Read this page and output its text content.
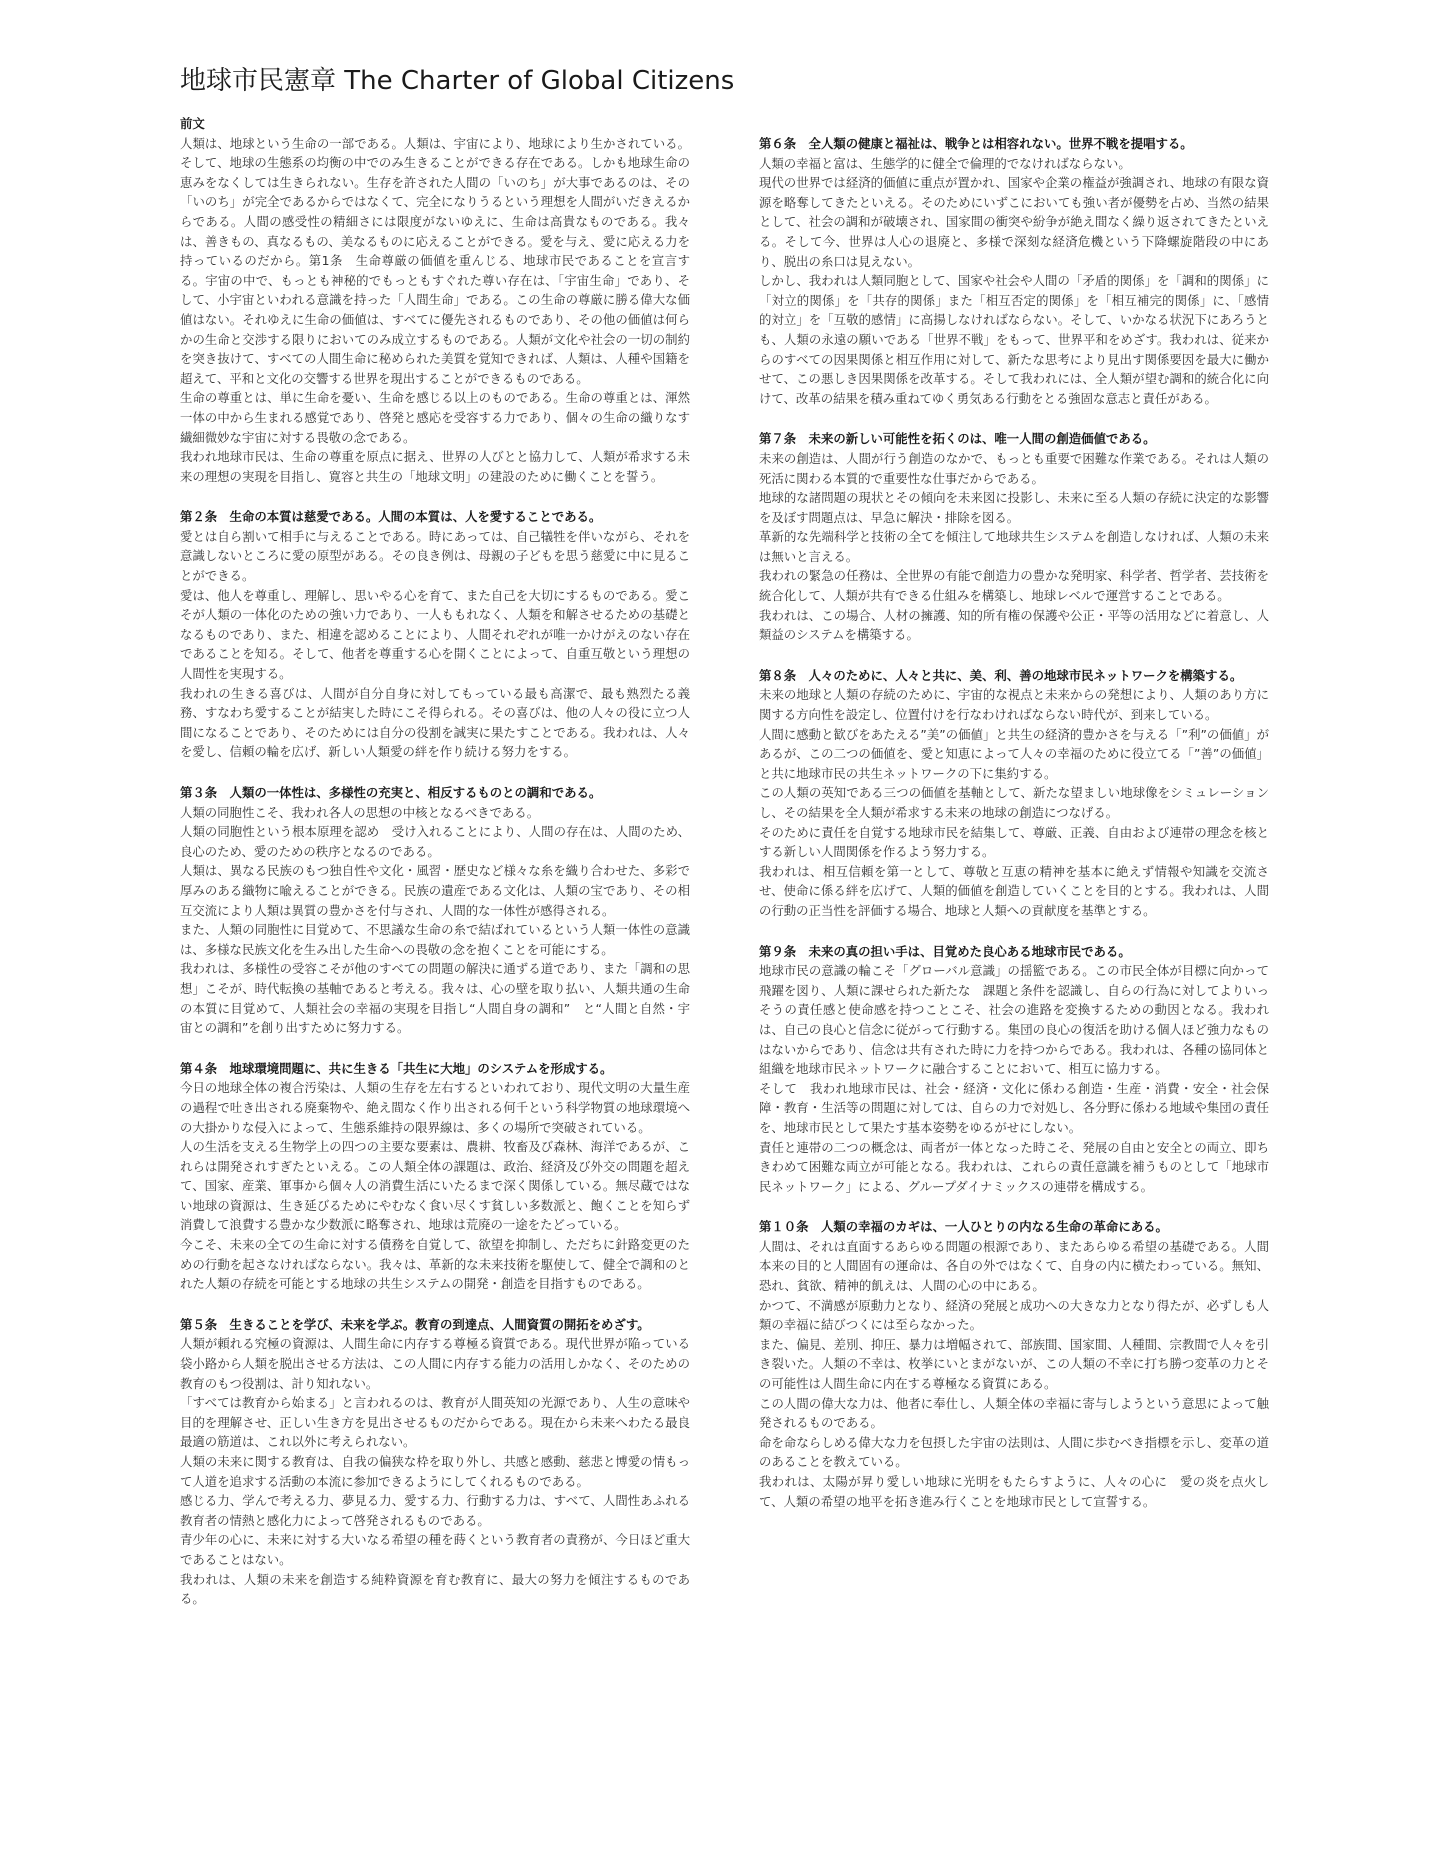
地球市民憲章 The Charter of Global Citizens
前文

人類は、地球という生命の一部である。人類は、宇宙により、地球により生かされている。そして、地球の生態系の均衡の中でのみ生きることができる存在である。しかも地球生命の恵みをなくしては生きられない。生存を許された人間の「いのち」が大事であるのは、その「いのち」が完全であるからではなくて、完全になりうるという理想を人間がいだきえるからである。人間の感受性の精細さには限度がないゆえに、生命は高貴なものである。我々は、善きもの、真なるもの、美なるものに応えることができる。愛を与え、愛に応える力を持っているのだから。第1条　生命尊厳の価値を重んじる、地球市民であることを宣言する。宇宙の中で、もっとも神秘的でもっともすぐれた尊い存在は、「宇宙生命」であり、そして、小宇宙といわれる意識を持った「人間生命」である。この生命の尊厳に勝る偉大な価値はない。それゆえに生命の価値は、すべてに優先されるものであり、その他の価値は何らかの生命と交渉する限りにおいてのみ成立するものである。人類が文化や社会の一切の制約を突き抜けて、すべての人間生命に秘められた美質を覚知できれば、人類は、人種や国籍を超えて、平和と文化の交響する世界を現出することができるものである。

生命の尊重とは、単に生命を憂い、生命を感じる以上のものである。生命の尊重とは、渾然一体の中から生まれる感覚であり、啓発と感応を受容する力であり、個々の生命の織りなす繊細微妙な宇宙に対する畏敬の念である。

我われ地球市民は、生命の尊重を原点に据え、世界の人びとと協力して、人類が希求する未来の理想の実現を目指し、寛容と共生の「地球文明」の建設のために働くことを誓う。

第２条　生命の本質は慈愛である。人間の本質は、人を愛することである。

愛とは自ら割いて相手に与えることである。時にあっては、自己犠牲を伴いながら、それを意識しないところに愛の原型がある。その良き例は、母親の子どもを思う慈愛に中に見ることができる。

愛は、他人を尊重し、理解し、思いやる心を育て、また自己を大切にするものである。愛こそが人類の一体化のための強い力であり、一人ももれなく、人類を和解させるための基礎となるものであり、また、相違を認めることにより、人間それぞれが唯一かけがえのない存在であることを知る。そして、他者を尊重する心を開くことによって、自重互敬という理想の人間性を実現する。

我われの生きる喜びは、人間が自分自身に対してもっている最も高潔で、最も熟烈たる義務、すなわち愛することが結実した時にこそ得られる。その喜びは、他の人々の役に立つ人間になることであり、そのためには自分の役割を誠実に果たすことである。我われは、人々を愛し、信頼の輪を広げ、新しい人類愛の絆を作り続ける努力をする。

第３条　人類の一体性は、多様性の充実と、相反するものとの調和である。

人類の同胞性こそ、我われ各人の思想の中核となるべきである。

人類の同胞性という根本原理を認め　受け入れることにより、人間の存在は、人間のため、良心のため、愛のための秩序となるのである。

人類は、異なる民族のもつ独自性や文化・風習・歴史など様々な糸を織り合わせた、多彩で厚みのある織物に喩えることができる。民族の遺産である文化は、人類の宝であり、その相互交流により人類は異質の豊かさを付与され、人間的な一体性が感得される。

また、人類の同胞性に目覚めて、不思議な生命の糸で結ばれているという人類一体性の意識は、多様な民族文化を生み出した生命への畏敬の念を抱くことを可能にする。

我われは、多様性の受容こそが他のすべての問題の解決に通ずる道であり、また「調和の思想」こそが、時代転換の基軸であると考える。我々は、心の壁を取り払い、人類共通の生命の本質に目覚めて、人類社会の幸福の実現を目指し“人間自身の調和”　と“人間と自然・宇宙との調和”を創り出すために努力する。

第４条　地球環境問題に、共に生きる「共生に大地」のシステムを形成する。

今日の地球全体の複合汚染は、人類の生存を左右するといわれており、現代文明の大量生産の過程で吐き出される廃棄物や、絶え間なく作り出される何千という科学物質の地球環境への大掛かりな侵入によって、生態系維持の限界線は、多くの場所で突破されている。

人の生活を支える生物学上の四つの主要な要素は、農耕、牧畜及び森林、海洋であるが、これらは開発されすぎたといえる。この人類全体の課題は、政治、経済及び外交の問題を超えて、国家、産業、軍事から個々人の消費生活にいたるまで深く関係している。無尽蔵ではない地球の資源は、生き延びるためにやむなく食い尽くす貧しい多数派と、飽くことを知らず消費して浪費する豊かな少数派に略奪され、地球は荒廃の一途をたどっている。

今こそ、未来の全ての生命に対する債務を自覚して、欲望を抑制し、ただちに針路変更のための行動を起さなければならない。我々は、革新的な未来技術を駆使して、健全で調和のとれた人類の存続を可能とする地球の共生システムの開発・創造を目指すものである。

第５条　生きることを学び、未来を学ぶ。教育の到達点、人間資質の開拓をめざす。

人類が頼れる究極の資源は、人間生命に内存する尊極る資質である。現代世界が陥っている袋小路から人類を脱出させる方法は、この人間に内存する能力の活用しかなく、そのための教育のもつ役割は、計り知れない。

「すべては教育から始まる」と言われるのは、教育が人間英知の光源であり、人生の意味や目的を理解させ、正しい生き方を見出させるものだからである。現在から未来へわたる最良最適の筋道は、これ以外に考えられない。

人類の未来に関する教育は、自我の偏狭な枠を取り外し、共感と感動、慈悲と博愛の情もって人道を追求する活動の本流に参加できるようにしてくれるものである。

感じる力、学んで考える力、夢見る力、愛する力、行動する力は、すべて、人間性あふれる教育者の情熱と感化力によって啓発されるものである。

青少年の心に、未来に対する大いなる希望の種を蒔くという教育者の責務が、今日ほど重大であることはない。

我われは、人類の未来を創造する純粋資源を育む教育に、最大の努力を傾注するものである。

第６条　全人類の健康と福祉は、戦争とは相容れない。世界不戦を提唱する。

人類の幸福と富は、生態学的に健全で倫理的でなければならない。

現代の世界では経済的価値に重点が置かれ、国家や企業の権益が強調され、地球の有限な資源を略奪してきたといえる。そのためにいずこにおいても強い者が優勢を占め、当然の結果として、社会の調和が破壊され、国家間の衝突や紛争が絶え間なく繰り返されてきたといえる。そして今、世界は人心の退廃と、多様で深刻な経済危機という下降螺旋階段の中にあり、脱出の糸口は見えない。

しかし、我われは人類同胞として、国家や社会や人間の「矛盾的関係」を「調和的関係」に「対立的関係」を「共存的関係」また「相互否定的関係」を「相互補完的関係」に、「感情的対立」を「互敬的感情」に高揚しなければならない。そして、いかなる状況下にあろうとも、人類の永遠の願いである「世界不戦」をもって、世界平和をめざす。我われは、従来からのすべての因果関係と相互作用に対して、新たな思考により見出す関係要因を最大に働かせて、この悪しき因果関係を改革する。そして我われには、全人類が望む調和的統合化に向けて、改革の結果を積み重ねてゆく勇気ある行動をとる強固な意志と責任がある。

第７条　未来の新しい可能性を拓くのは、唯一人間の創造価値である。

未来の創造は、人間が行う創造のなかで、もっとも重要で困難な作業である。それは人類の死活に関わる本質的で重要性な仕事だからである。

地球的な諸問題の現状とその傾向を未来図に投影し、未来に至る人類の存続に決定的な影響を及ぼす問題点は、早急に解決・排除を図る。

革新的な先端科学と技術の全てを傾注して地球共生システムを創造しなければ、人類の未来は無いと言える。

我われの緊急の任務は、全世界の有能で創造力の豊かな発明家、科学者、哲学者、芸技術を統合化して、人類が共有できる仕組みを構築し、地球レベルで運営することである。

我われは、この場合、人材の擁護、知的所有権の保護や公正・平等の活用などに着意し、人類益のシステムを構築する。

第８条　人々のために、人々と共に、美、利、善の地球市民ネットワークを構築する。

未来の地球と人類の存続のために、宇宙的な視点と未来からの発想により、人類のあり方に関する方向性を設定し、位置付けを行なわければならない時代が、到来している。

人間に感動と歓びをあたえる”美”の価値」と共生の経済的豊かさを与える「”利”の価値」があるが、この二つの価値を、愛と知恵によって人々の幸福のために役立てる「”善”の価値」と共に地球市民の共生ネットワークの下に集約する。

この人類の英知である三つの価値を基軸として、新たな望ましい地球像をシミュレーションし、その結果を全人類が希求する未来の地球の創造につなげる。

そのために責任を自覚する地球市民を結集して、尊厳、正義、自由および連帯の理念を核とする新しい人間関係を作るよう努力する。

我われは、相互信頼を第一として、尊敬と互恵の精神を基本に絶えず情報や知識を交流させ、使命に係る絆を広げて、人類的価値を創造していくことを目的とする。我われは、人間の行動の正当性を評価する場合、地球と人類への貢献度を基準とする。

第９条　未来の真の担い手は、目覚めた良心ある地球市民である。

地球市民の意識の輪こそ「グローバル意識」の揺籃である。この市民全体が目標に向かって飛躍を図り、人類に課せられた新たな　課題と条件を認識し、自らの行為に対してよりいっそうの責任感と使命感を持つことこそ、社会の進路を変換するための動因となる。我われは、自己の良心と信念に従がって行動する。集団の良心の復活を助ける個人ほど強力なものはないからであり、信念は共有された時に力を持つからである。我われは、各種の協同体と組織を地球市民ネットワークに融合することにおいて、相互に協力する。

そして　我われ地球市民は、社会・経済・文化に係わる創造・生産・消費・安全・社会保障・教育・生活等の問題に対しては、自らの力で対処し、各分野に係わる地域や集団の責任を、地球市民として果たす基本姿勢をゆるがせにしない。

責任と連帯の二つの概念は、両者が一体となった時こそ、発展の自由と安全との両立、即ちきわめて困難な両立が可能となる。我われは、これらの責任意識を補うものとして「地球市民ネットワーク」による、グループダイナミックスの連帯を構成する。

第１０条　人類の幸福のカギは、一人ひとりの内なる生命の革命にある。

人間は、それは直面するあらゆる問題の根源であり、またあらゆる希望の基礎である。人間本来の目的と人間固有の運命は、各自の外ではなくて、自身の内に横たわっている。無知、恐れ、貧欲、精神的飢えは、人間の心の中にある。

かつて、不満感が原動力となり、経済の発展と成功への大きな力となり得たが、必ずしも人類の幸福に結びつくには至らなかった。

また、偏見、差別、抑圧、暴力は増幅されて、部族間、国家間、人種間、宗教間で人々を引き裂いた。人類の不幸は、枚挙にいとまがないが、この人類の不幸に打ち勝つ変革の力とその可能性は人間生命に内在する尊極なる資質にある。

この人間の偉大な力は、他者に奉仕し、人類全体の幸福に寄与しようという意思によって触発されるものである。

命を命ならしめる偉大な力を包摂した宇宙の法則は、人間に歩むべき指標を示し、変革の道のあることを教えている。

我われは、太陽が昇り愛しい地球に光明をもたらすように、人々の心に　愛の炎を点火して、人類の希望の地平を拓き進み行くことを地球市民として宣誓する。
